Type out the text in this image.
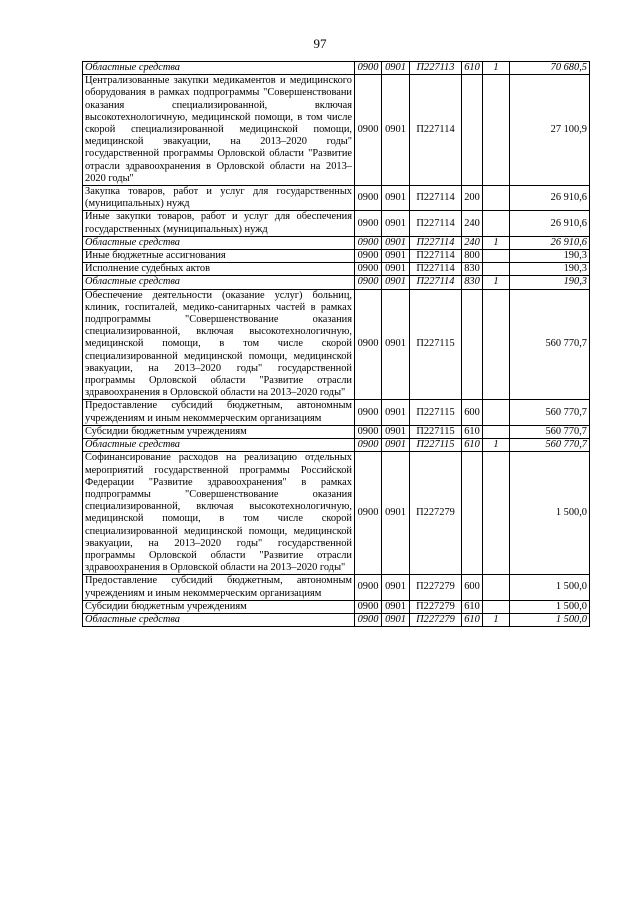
97
Областные средства	0900	0901	П227113	610	1	70 680,5
Централизованные закупки медикаментов и медицинского оборудования в рамках подпрограммы "Совершенствовани оказания специализированной, включая высокотехнологичную, медицинской помощи, в том числе скорой специализированной медицинской помощи, медицинской эвакуации, на 2013–2020 годы" государственной программы Орловской области "Развитие отрасли здравоохранения в Орловской области на 2013–2020 годы"	0900	0901	П227114			27 100,9
Закупка товаров, работ и услуг для государственных (муниципальных) нужд	0900	0901	П227114	200		26 910,6
Иные закупки товаров, работ и услуг для обеспечения государственных (муниципальных) нужд	0900	0901	П227114	240		26 910,6
Областные средства	0900	0901	П227114	240	1	26 910,6
Иные бюджетные ассигнования	0900	0901	П227114	800		190,3
Исполнение судебных актов	0900	0901	П227114	830		190,3
Областные средства	0900	0901	П227114	830	1	190,3
Обеспечение деятельности (оказание услуг) больниц, клиник, госпиталей, медико-санитарных частей в рамках подпрограммы "Совершенствование оказания специализированной, включая высокотехнологичную, медицинской помощи, в том числе скорой специализированной медицинской помощи, медицинской эвакуации, на 2013–2020 годы" государственной программы Орловской области "Развитие отрасли здравоохранения в Орловской области на 2013–2020 годы"	0900	0901	П227115			560 770,7
Предоставление субсидий бюджетным, автономным учреждениям и иным некоммерческим организациям	0900	0901	П227115	600		560 770,7
Субсидии бюджетным учреждениям	0900	0901	П227115	610		560 770,7
Областные средства	0900	0901	П227115	610	1	560 770,7
Софинансирование расходов на реализацию отдельных мероприятий государственной программы Российской Федерации "Развитие здравоохранения" в рамках подпрограммы "Совершенствование оказания специализированной, включая высокотехнологичную, медицинской помощи, в том числе скорой специализированной медицинской помощи, медицинской эвакуации, на 2013–2020 годы" государственной программы Орловской области "Развитие отрасли здравоохранения в Орловской области на 2013–2020 годы"	0900	0901	П227279			1 500,0
Предоставление субсидий бюджетным, автономным учреждениям и иным некоммерческим организациям	0900	0901	П227279	600		1 500,0
Субсидии бюджетным учреждениям	0900	0901	П227279	610		1 500,0
Областные средства	0900	0901	П227279	610	1	1 500,0
